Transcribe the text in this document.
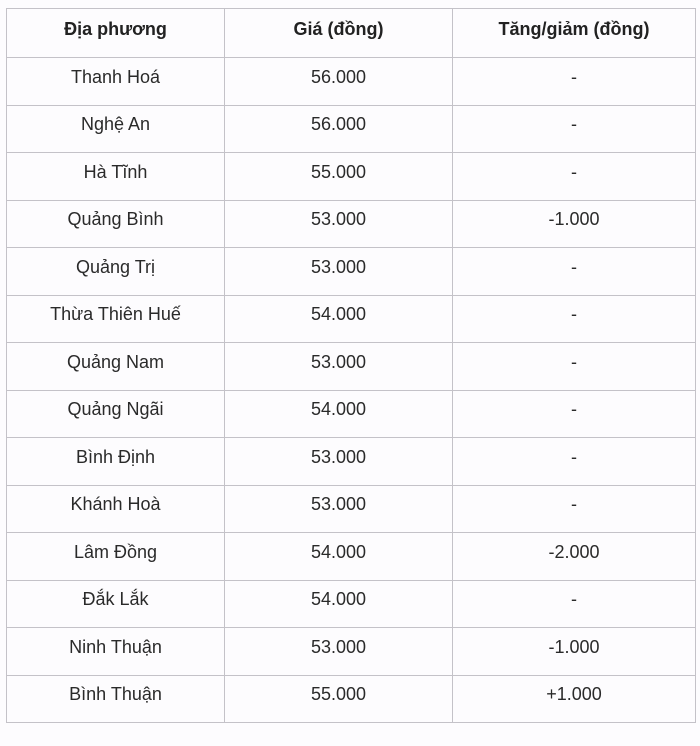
Địa phương	Giá (đồng)	Tăng/giảm (đồng)
Thanh Hoá	56.000	-
Nghệ An	56.000	-
Hà Tĩnh	55.000	-
Quảng Bình	53.000	-1.000
Quảng Trị	53.000	-
Thừa Thiên Huế	54.000	-
Quảng Nam	53.000	-
Quảng Ngãi	54.000	-
Bình Định	53.000	-
Khánh Hoà	53.000	-
Lâm Đồng	54.000	-2.000
Đắk Lắk	54.000	-
Ninh Thuận	53.000	-1.000
Bình Thuận	55.000	+1.000
